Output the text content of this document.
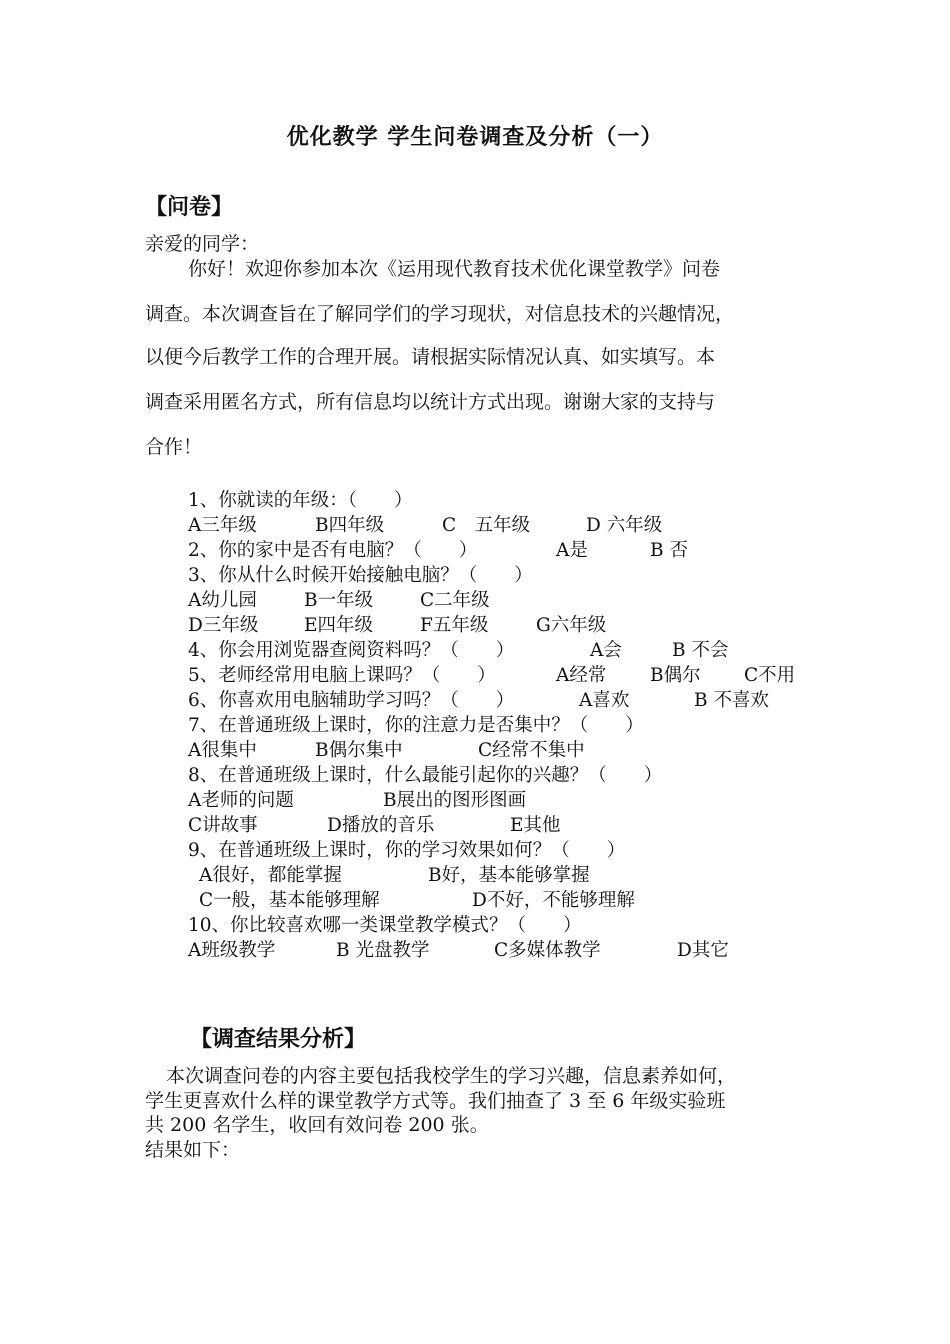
优化教学 学生问卷调查及分析（一）
【问卷】
亲爱的同学：
你好！欢迎你参加本次《运用现代教育技术优化课堂教学》问卷
调查。本次调查旨在了解同学们的学习现状，对信息技术的兴趣情况，
以便今后教学工作的合理开展。请根据实际情况认真、如实填写。本
调查采用匿名方式，所有信息均以统计方式出现。谢谢大家的支持与
合作！
1、你就读的年级：（　　）
A三年级	B四年级	C　五年级	D 六年级
2、你的家中是否有电脑？（　　）	A是	B 否
3、你从什么时候开始接触电脑？（　　）
A幼儿园	B一年级	C二年级
D三年级 E四年级	F五年级	G六年级
4、你会用浏览器查阅资料吗？（　　）	A会	B 不会
5、老师经常用电脑上课吗？（　　）	A经常 B偶尔 C不用
6、你喜欢用电脑辅助学习吗？（　　）	A喜欢	B 不喜欢
7、在普通班级上课时，你的注意力是否集中？（　　）
A很集中	B偶尔集中	C经常不集中
8、在普通班级上课时，什么最能引起你的兴趣？（　　）
A老师的问题	B展出的图形图画
C讲故事	D播放的音乐	E其他
9、在普通班级上课时，你的学习效果如何？（　　）
A很好，都能掌握	B好，基本能够掌握
C一般，基本能够理解	D不好，不能够理解
10、你比较喜欢哪一类课堂教学模式？（　　）
A班级教学	B 光盘教学	C多媒体教学	D其它
【调查结果分析】
本次调查问卷的内容主要包括我校学生的学习兴趣，信息素养如何，
学生更喜欢什么样的课堂教学方式等。我们抽查了 3 至 6 年级实验班
共 200 名学生，收回有效问卷 200 张。
结果如下：
